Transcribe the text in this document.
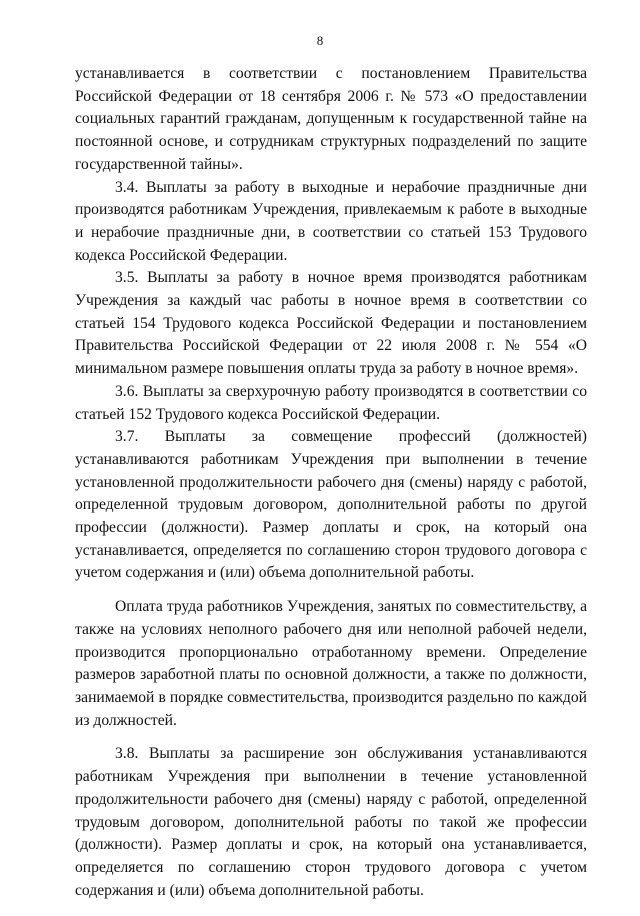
8

устанавливается в соответствии с постановлением Правительства Российской Федерации от 18 сентября 2006 г. № 573 «О предоставлении социальных гарантий гражданам, допущенным к государственной тайне на постоянной основе, и сотрудникам структурных подразделений по защите государственной тайны».

3.4. Выплаты за работу в выходные и нерабочие праздничные дни производятся работникам Учреждения, привлекаемым к работе в выходные и нерабочие праздничные дни, в соответствии со статьей 153 Трудового кодекса Российской Федерации.

3.5. Выплаты за работу в ночное время производятся работникам Учреждения за каждый час работы в ночное время в соответствии со статьей 154 Трудового кодекса Российской Федерации и постановлением Правительства Российской Федерации от 22 июля 2008 г. № 554 «О минимальном размере повышения оплаты труда за работу в ночное время».

3.6. Выплаты за сверхурочную работу производятся в соответствии со статьей 152 Трудового кодекса Российской Федерации.

3.7. Выплаты за совмещение профессий (должностей) устанавливаются работникам Учреждения при выполнении в течение установленной продолжительности рабочего дня (смены) наряду с работой, определенной трудовым договором, дополнительной работы по другой профессии (должности). Размер доплаты и срок, на который она устанавливается, определяется по соглашению сторон трудового договора с учетом содержания и (или) объема дополнительной работы.

Оплата труда работников Учреждения, занятых по совместительству, а также на условиях неполного рабочего дня или неполной рабочей недели, производится пропорционально отработанному времени. Определение размеров заработной платы по основной должности, а также по должности, занимаемой в порядке совместительства, производится раздельно по каждой из должностей.

3.8. Выплаты за расширение зон обслуживания устанавливаются работникам Учреждения при выполнении в течение установленной продолжительности рабочего дня (смены) наряду с работой, определенной трудовым договором, дополнительной работы по такой же профессии (должности). Размер доплаты и срок, на который она устанавливается, определяется по соглашению сторон трудового договора с учетом содержания и (или) объема дополнительной работы.
